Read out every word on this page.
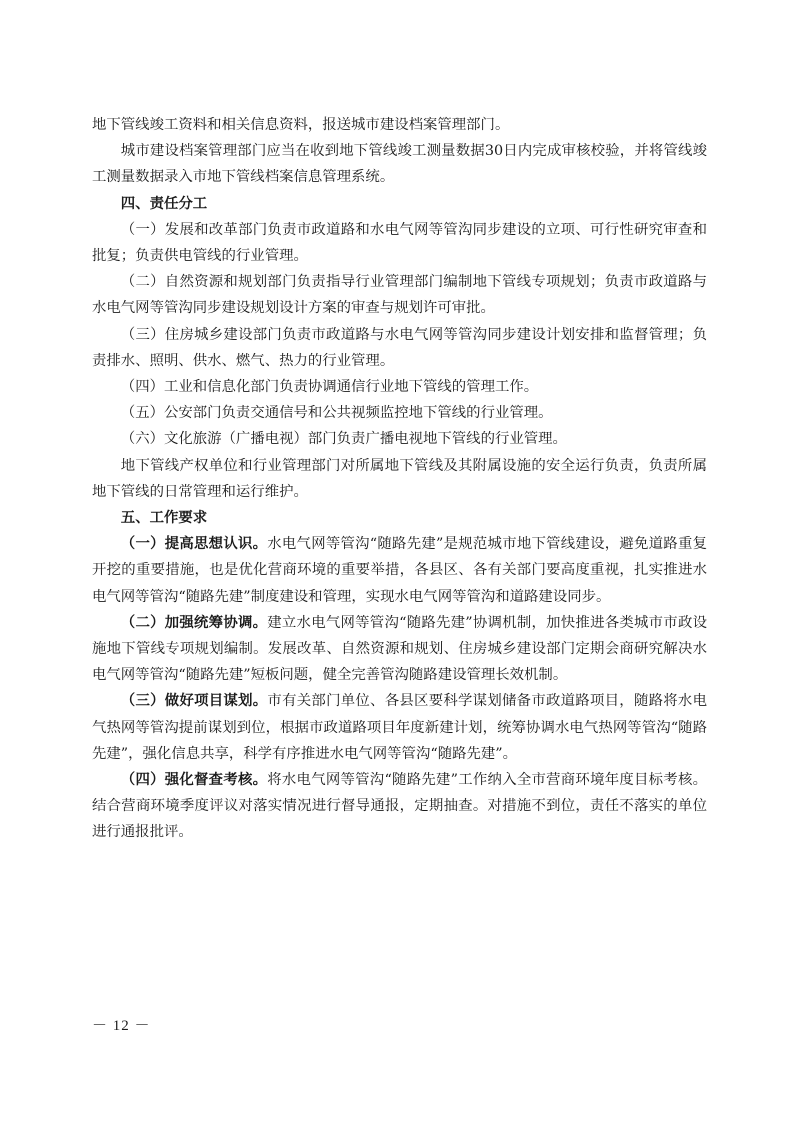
地下管线竣工资料和相关信息资料，报送城市建设档案管理部门。

城市建设档案管理部门应当在收到地下管线竣工测量数据30日内完成审核校验，并将管线竣工测量数据录入市地下管线档案信息管理系统。

四、责任分工

（一）发展和改革部门负责市政道路和水电气网等管沟同步建设的立项、可行性研究审查和批复；负责供电管线的行业管理。

（二）自然资源和规划部门负责指导行业管理部门编制地下管线专项规划；负责市政道路与水电气网等管沟同步建设规划设计方案的审查与规划许可审批。

（三）住房城乡建设部门负责市政道路与水电气网等管沟同步建设计划安排和监督管理；负责排水、照明、供水、燃气、热力的行业管理。

（四）工业和信息化部门负责协调通信行业地下管线的管理工作。

（五）公安部门负责交通信号和公共视频监控地下管线的行业管理。

（六）文化旅游（广播电视）部门负责广播电视地下管线的行业管理。

地下管线产权单位和行业管理部门对所属地下管线及其附属设施的安全运行负责，负责所属地下管线的日常管理和运行维护。

五、工作要求

（一）提高思想认识。水电气网等管沟“随路先建”是规范城市地下管线建设，避免道路重复开挖的重要措施，也是优化营商环境的重要举措，各县区、各有关部门要高度重视，扎实推进水电气网等管沟“随路先建”制度建设和管理，实现水电气网等管沟和道路建设同步。

（二）加强统筹协调。建立水电气网等管沟“随路先建”协调机制，加快推进各类城市市政设施地下管线专项规划编制。发展改革、自然资源和规划、住房城乡建设部门定期会商研究解决水电气网等管沟“随路先建”短板问题，健全完善管沟随路建设管理长效机制。

（三）做好项目谋划。市有关部门单位、各县区要科学谋划储备市政道路项目，随路将水电气热网等管沟提前谋划到位，根据市政道路项目年度新建计划，统筹协调水电气热网等管沟“随路先建”，强化信息共享，科学有序推进水电气网等管沟“随路先建”。

（四）强化督查考核。将水电气网等管沟“随路先建”工作纳入全市营商环境年度目标考核。结合营商环境季度评议对落实情况进行督导通报，定期抽查。对措施不到位，责任不落实的单位进行通报批评。

－ 12 －
